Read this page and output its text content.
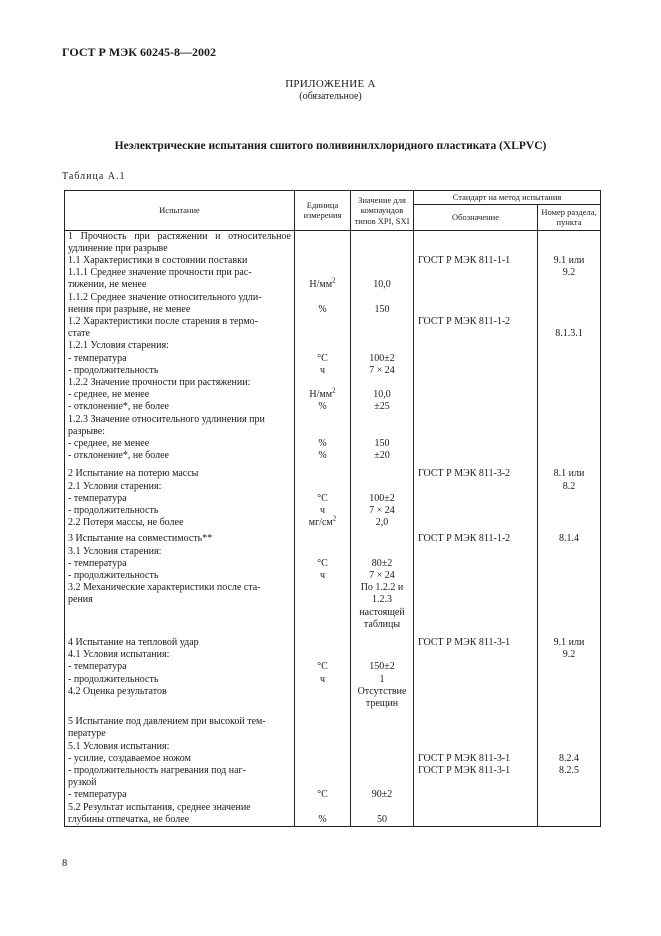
ГОСТ Р МЭК 60245-8—2002
ПРИЛОЖЕНИЕ А
(обязательное)
Неэлектрические испытания сшитого поливинилхлоридного пластиката (XLPVC)
Таблица А.1
Испытание	Единица измерения	Значение для компаундов типов XPI, SXI	Стандарт на метод испытания	
			Обозначение	Номер раздела, пункта
1 Прочность при растяжении и относительное удлинение при разрыве				
1.1 Характеристики в состоянии поставки			ГОСТ Р МЭК 811-1-1	9.1 или
1.1.1 Среднее значение прочности при рас-				9.2
тяжении, не менее	$Н/мм^2$	10,0		
1.1.2 Среднее значение относительного удли-				
нения при разрыве, не менее	%	150		
1.2 Характеристики после старения в термо-			ГОСТ Р МЭК 811-1-2	
стате				8.1.3.1
1.2.1 Условия старения:				
- температура	°С	100±2		
- продолжительность	ч	7 × 24		
1.2.2 Значение прочности при растяжении:				
- среднее, не менее	$Н/мм^2$	10,0		
- отклонение*, не более	%	±25		
1.2.3 Значение относительного удлинения при				
разрыве:				
- среднее, не менее	%	150		
- отклонение*, не более	%	±20		

2 Испытание на потерю массы			ГОСТ Р МЭК 811-3-2	8.1 или
2.1 Условия старения:				8.2
- температура	°С	100±2		
- продолжительность	ч	7 × 24		
2.2 Потеря массы, не более	$мг/см^2$	2,0		

3 Испытание на совместимость**			ГОСТ Р МЭК 811-1-2	8.1.4
3.1 Условия старения:				
- температура	°С	80±2		
- продолжительность	ч	7 × 24		
3.2 Механические характеристики после ста-		По 1.2.2 и		
рения		1.2.3		
		настоящей		
		таблицы		

4 Испытание на тепловой удар			ГОСТ Р МЭК 811-3-1	9.1 или
4.1 Условия испытания:				9.2
- температура	°С	150±2		
- продолжительность	ч	1		
4.2 Оценка результатов		Отсутствие		
		трещин		

5 Испытание под давлением при высокой тем-				
пературе				
5.1 Условия испытания:				
- усилие, создаваемое ножом			ГОСТ Р МЭК 811-3-1	8.2.4
- продолжительность нагревания под наг-			ГОСТ Р МЭК 811-3-1	8.2.5
рузкой				
- температура	°С	90±2		
5.2 Результат испытания, среднее значение				
глубины отпечатка, не более	%	50		
8
